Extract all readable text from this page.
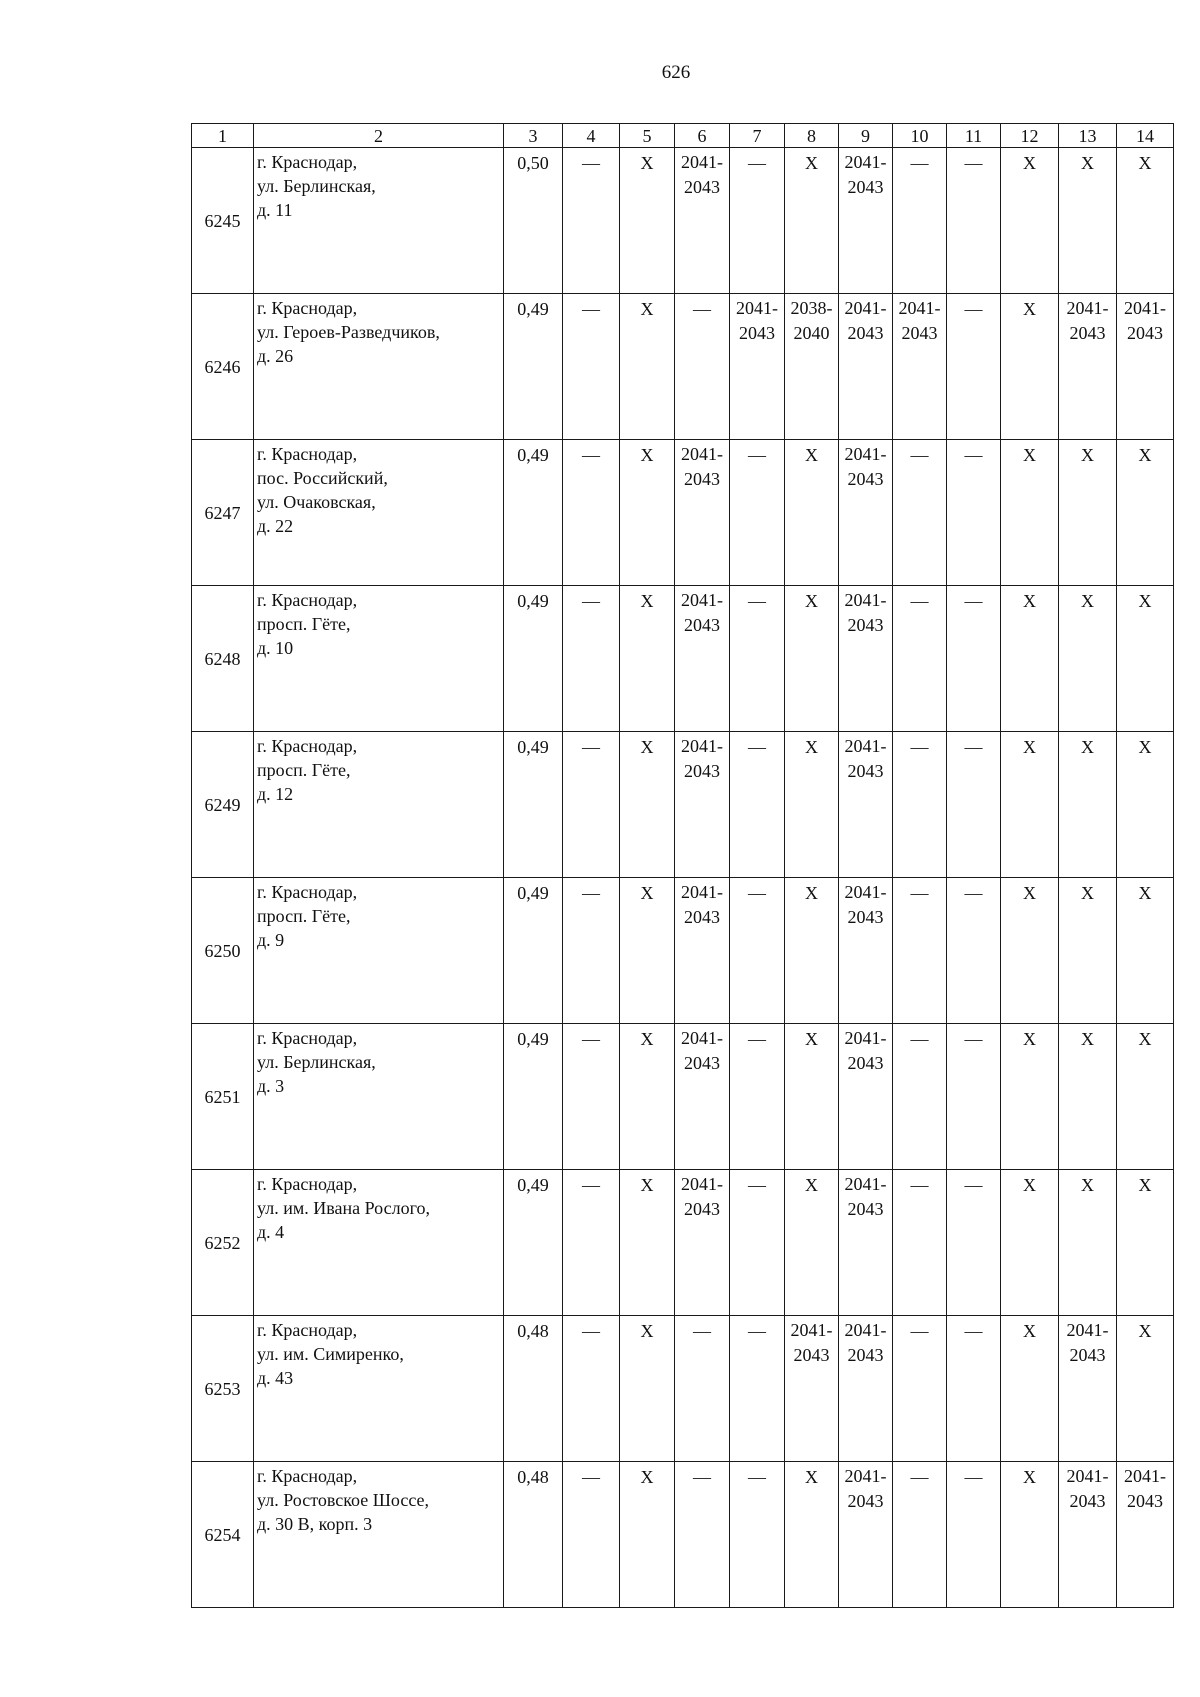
626
1	2	3	4	5	6	7	8	9	10	11	12	13	14
6245	г. Краснодар,
ул. Берлинская,
д. 11	0,50	—	X	2041-
2043	—	X	2041-
2043	—	—	X	X	X

6246	г. Краснодар,
ул. Героев-Разведчиков,
д. 26	0,49	—	X	—	2041-
2043	2038-
2040	2041-
2043	2041-
2043	—	X	2041-
2043	2041-
2043

6247	г. Краснодар,
пос. Российский,
ул. Очаковская,
д. 22	0,49	—	X	2041-
2043	—	X	2041-
2043	—	—	X	X	X

6248	г. Краснодар,
просп. Гёте,
д. 10	0,49	—	X	2041-
2043	—	X	2041-
2043	—	—	X	X	X

6249	г. Краснодар,
просп. Гёте,
д. 12	0,49	—	X	2041-
2043	—	X	2041-
2043	—	—	X	X	X

6250	г. Краснодар,
просп. Гёте,
д. 9	0,49	—	X	2041-
2043	—	X	2041-
2043	—	—	X	X	X

6251	г. Краснодар,
ул. Берлинская,
д. 3	0,49	—	X	2041-
2043	—	X	2041-
2043	—	—	X	X	X

6252	г. Краснодар,
ул. им. Ивана Рослого,
д. 4	0,49	—	X	2041-
2043	—	X	2041-
2043	—	—	X	X	X

6253	г. Краснодар,
ул. им. Симиренко,
д. 43	0,48	—	X	—	—	2041-
2043	2041-
2043	—	—	X	2041-
2043	X

6254	г. Краснодар,
ул. Ростовское Шоссе,
д. 30 В, корп. 3	0,48	—	X	—	—	X	2041-
2043	—	—	X	2041-
2043	2041-
2043
